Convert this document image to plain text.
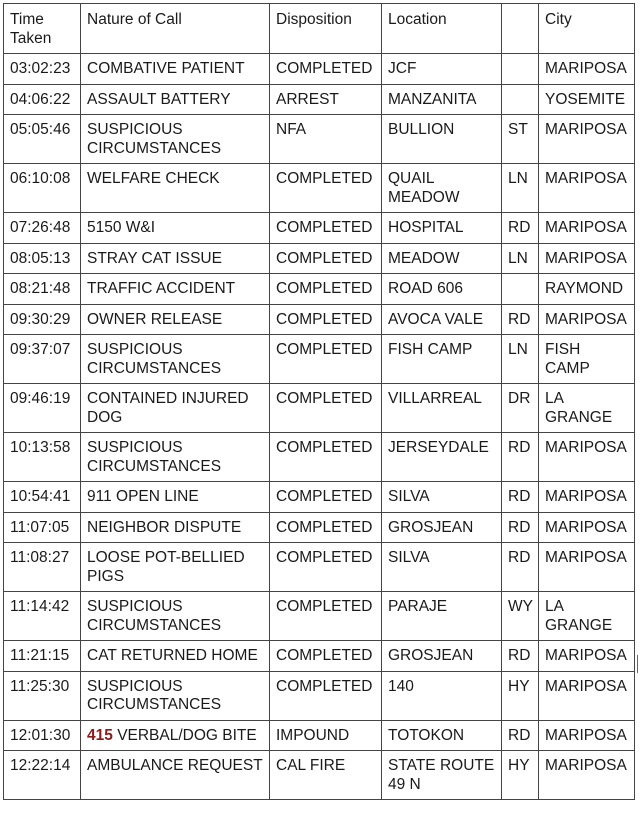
Time Taken	Nature of Call	Disposition	Location		City
03:02:23	COMBATIVE PATIENT	COMPLETED	JCF		MARIPOSA
04:06:22	ASSAULT BATTERY	ARREST	MANZANITA		YOSEMITE
05:05:46	SUSPICIOUS CIRCUMSTANCES	NFA	BULLION	ST	MARIPOSA
06:10:08	WELFARE CHECK	COMPLETED	QUAIL MEADOW	LN	MARIPOSA
07:26:48	5150 W&I	COMPLETED	HOSPITAL	RD	MARIPOSA
08:05:13	STRAY CAT ISSUE	COMPLETED	MEADOW	LN	MARIPOSA
08:21:48	TRAFFIC ACCIDENT	COMPLETED	ROAD 606		RAYMOND
09:30:29	OWNER RELEASE	COMPLETED	AVOCA VALE	RD	MARIPOSA
09:37:07	SUSPICIOUS CIRCUMSTANCES	COMPLETED	FISH CAMP	LN	FISH CAMP
09:46:19	CONTAINED INJURED DOG	COMPLETED	VILLARREAL	DR	LA GRANGE
10:13:58	SUSPICIOUS CIRCUMSTANCES	COMPLETED	JERSEYDALE	RD	MARIPOSA
10:54:41	911 OPEN LINE	COMPLETED	SILVA	RD	MARIPOSA
11:07:05	NEIGHBOR DISPUTE	COMPLETED	GROSJEAN	RD	MARIPOSA
11:08:27	LOOSE POT-BELLIED PIGS	COMPLETED	SILVA	RD	MARIPOSA
11:14:42	SUSPICIOUS CIRCUMSTANCES	COMPLETED	PARAJE	WY	LA GRANGE
11:21:15	CAT RETURNED HOME	COMPLETED	GROSJEAN	RD	MARIPOSA
11:25:30	SUSPICIOUS CIRCUMSTANCES	COMPLETED	140	HY	MARIPOSA
12:01:30	415 VERBAL/DOG BITE	IMPOUND	TOTOKON	RD	MARIPOSA
12:22:14	AMBULANCE REQUEST	CAL FIRE	STATE ROUTE 49 N	HY	MARIPOSA
